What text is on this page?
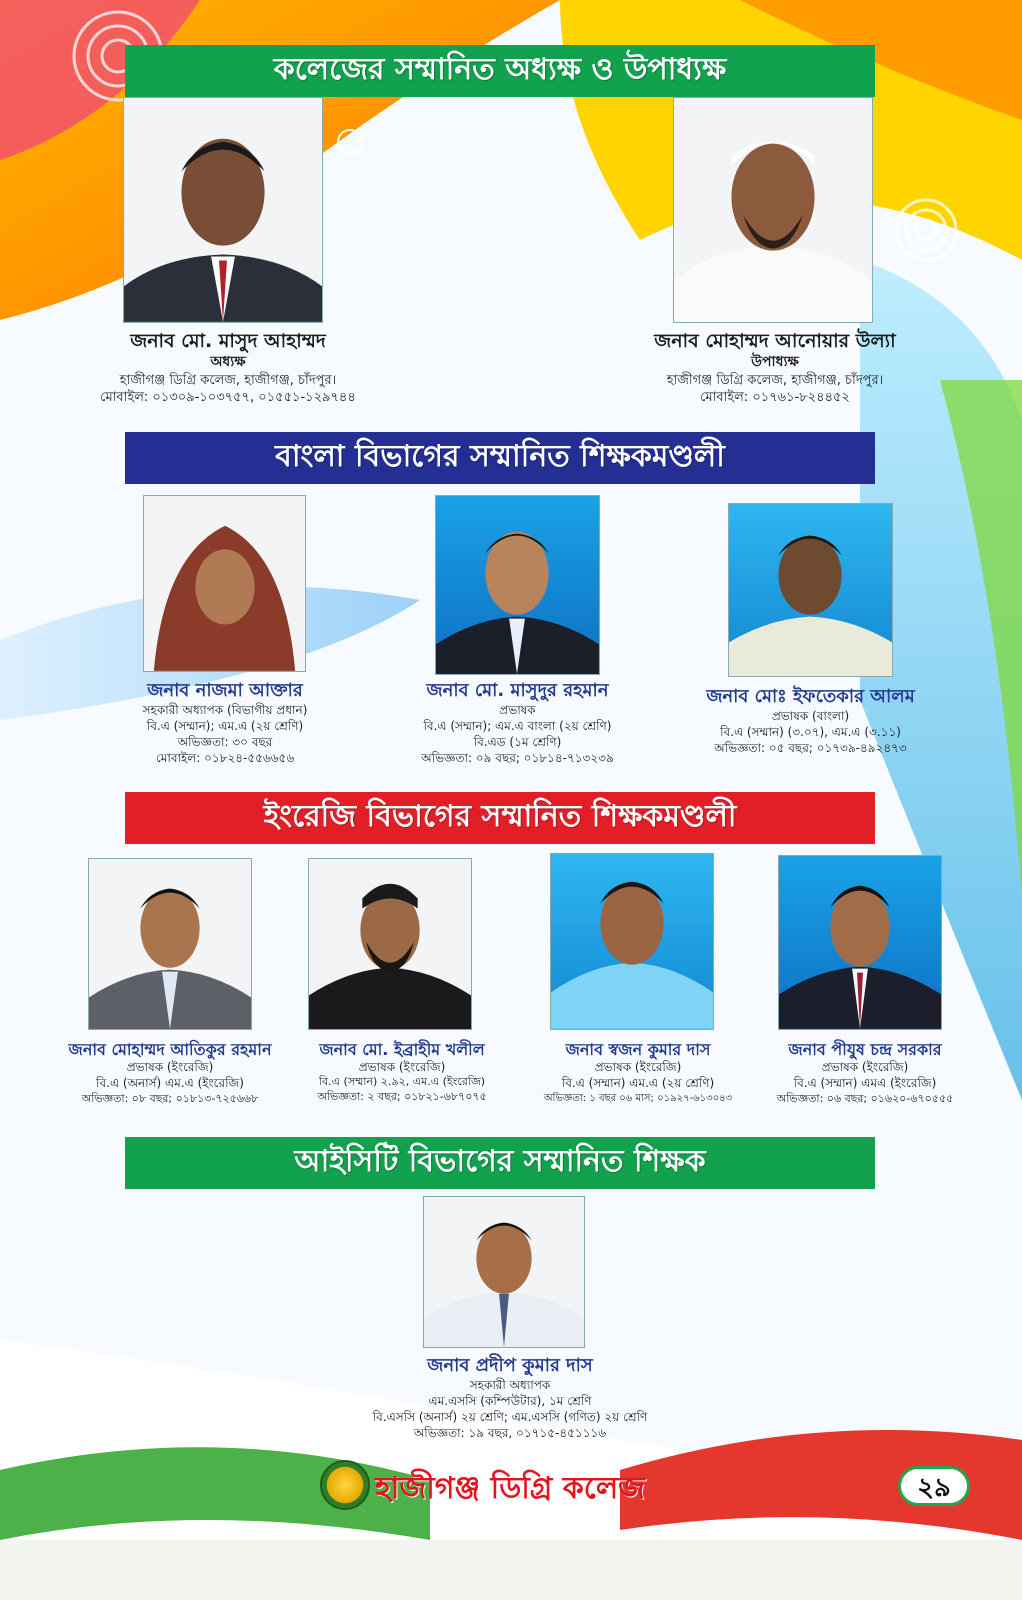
কলেজের সম্মানিত অধ্যক্ষ ও উপাধ্যক্ষ
জনাব মো. মাসুদ আহাম্মদ
অধ্যক্ষ
হাজীগঞ্জ ডিগ্রি কলেজ, হাজীগঞ্জ, চাঁদপুর।
মোবাইল: ০১৩০৯-১০৩৭৫৭, ০১৫৫১-১২৯৭৪৪
জনাব মোহাম্মদ আনোয়ার উল্যা
উপাধ্যক্ষ
হাজীগঞ্জ ডিগ্রি কলেজ, হাজীগঞ্জ, চাঁদপুর।
মোবাইল: ০১৭৬১-৮২৪৪৫২
বাংলা বিভাগের সম্মানিত শিক্ষকমণ্ডলী
জনাব নাজমা আক্তার
সহকারী অধ্যাপক (বিভাগীয় প্রধান)
বি.এ (সম্মান); এম.এ (২য় শ্রেণি)
অভিজ্ঞতা: ৩০ বছর
মোবাইল: ০১৮২৪-৫৫৬৬৫৬
জনাব মো. মাসুদুর রহমান
প্রভাষক
বি.এ (সম্মান); এম.এ বাংলা (২য় শ্রেণি)
বি.এড (১ম শ্রেণি)
অভিজ্ঞতা: ০৯ বছর; ০১৮১৪-৭১৩২৩৯
জনাব মোঃ ইফতেকার আলম
প্রভাষক (বাংলা)
বি.এ (সম্মান) (৩.০৭), এম.এ (৩.১১)
অভিজ্ঞতা: ০৫ বছর; ০১৭৩৯-৪৯২৪৭৩
ইংরেজি বিভাগের সম্মানিত শিক্ষকমণ্ডলী
জনাব মোহাম্মদ আতিকুর রহমান
প্রভাষক (ইংরেজি)
বি.এ (অনার্স) এম.এ (ইংরেজি)
অভিজ্ঞতা: ০৮ বছর; ০১৮১৩-৭২৫৬৬৮
জনাব মো. ইব্রাহীম খলীল
প্রভাষক (ইংরেজি)
বি.এ (সম্মান) ২.৯২, এম.এ (ইংরেজি)
অভিজ্ঞতা: ২ বছর; ০১৮২১-৬৮৭০৭৫
জনাব স্বজন কুমার দাস
প্রভাষক (ইংরেজি)
বি.এ (সম্মান) এম.এ (২য় শ্রেণি)
অভিজ্ঞতা: ১ বছর ০৬ মাস; ০১৯২৭-৬১৩০৪৩
জনাব পীযুষ চন্দ্র সরকার
প্রভাষক (ইংরেজি)
বি.এ (সম্মান) এমএ (ইংরেজি)
অভিজ্ঞতা: ০৬ বছর; ০১৬২০-৬৭০৫৫৫
আইসিটি বিভাগের সম্মানিত শিক্ষক
জনাব প্রদীপ কুমার দাস
সহকারী অধ্যাপক
এম.এসসি (কম্পিউটার), ১ম শ্রেণি
বি.এসসি (অনার্স) ২য় শ্রেণি; এম.এসসি (গণিত) ২য় শ্রেণি
অভিজ্ঞতা: ১৯ বছর, ০১৭১৫-৪৫১১১৬
হাজীগঞ্জ ডিগ্রি কলেজ	২৯
